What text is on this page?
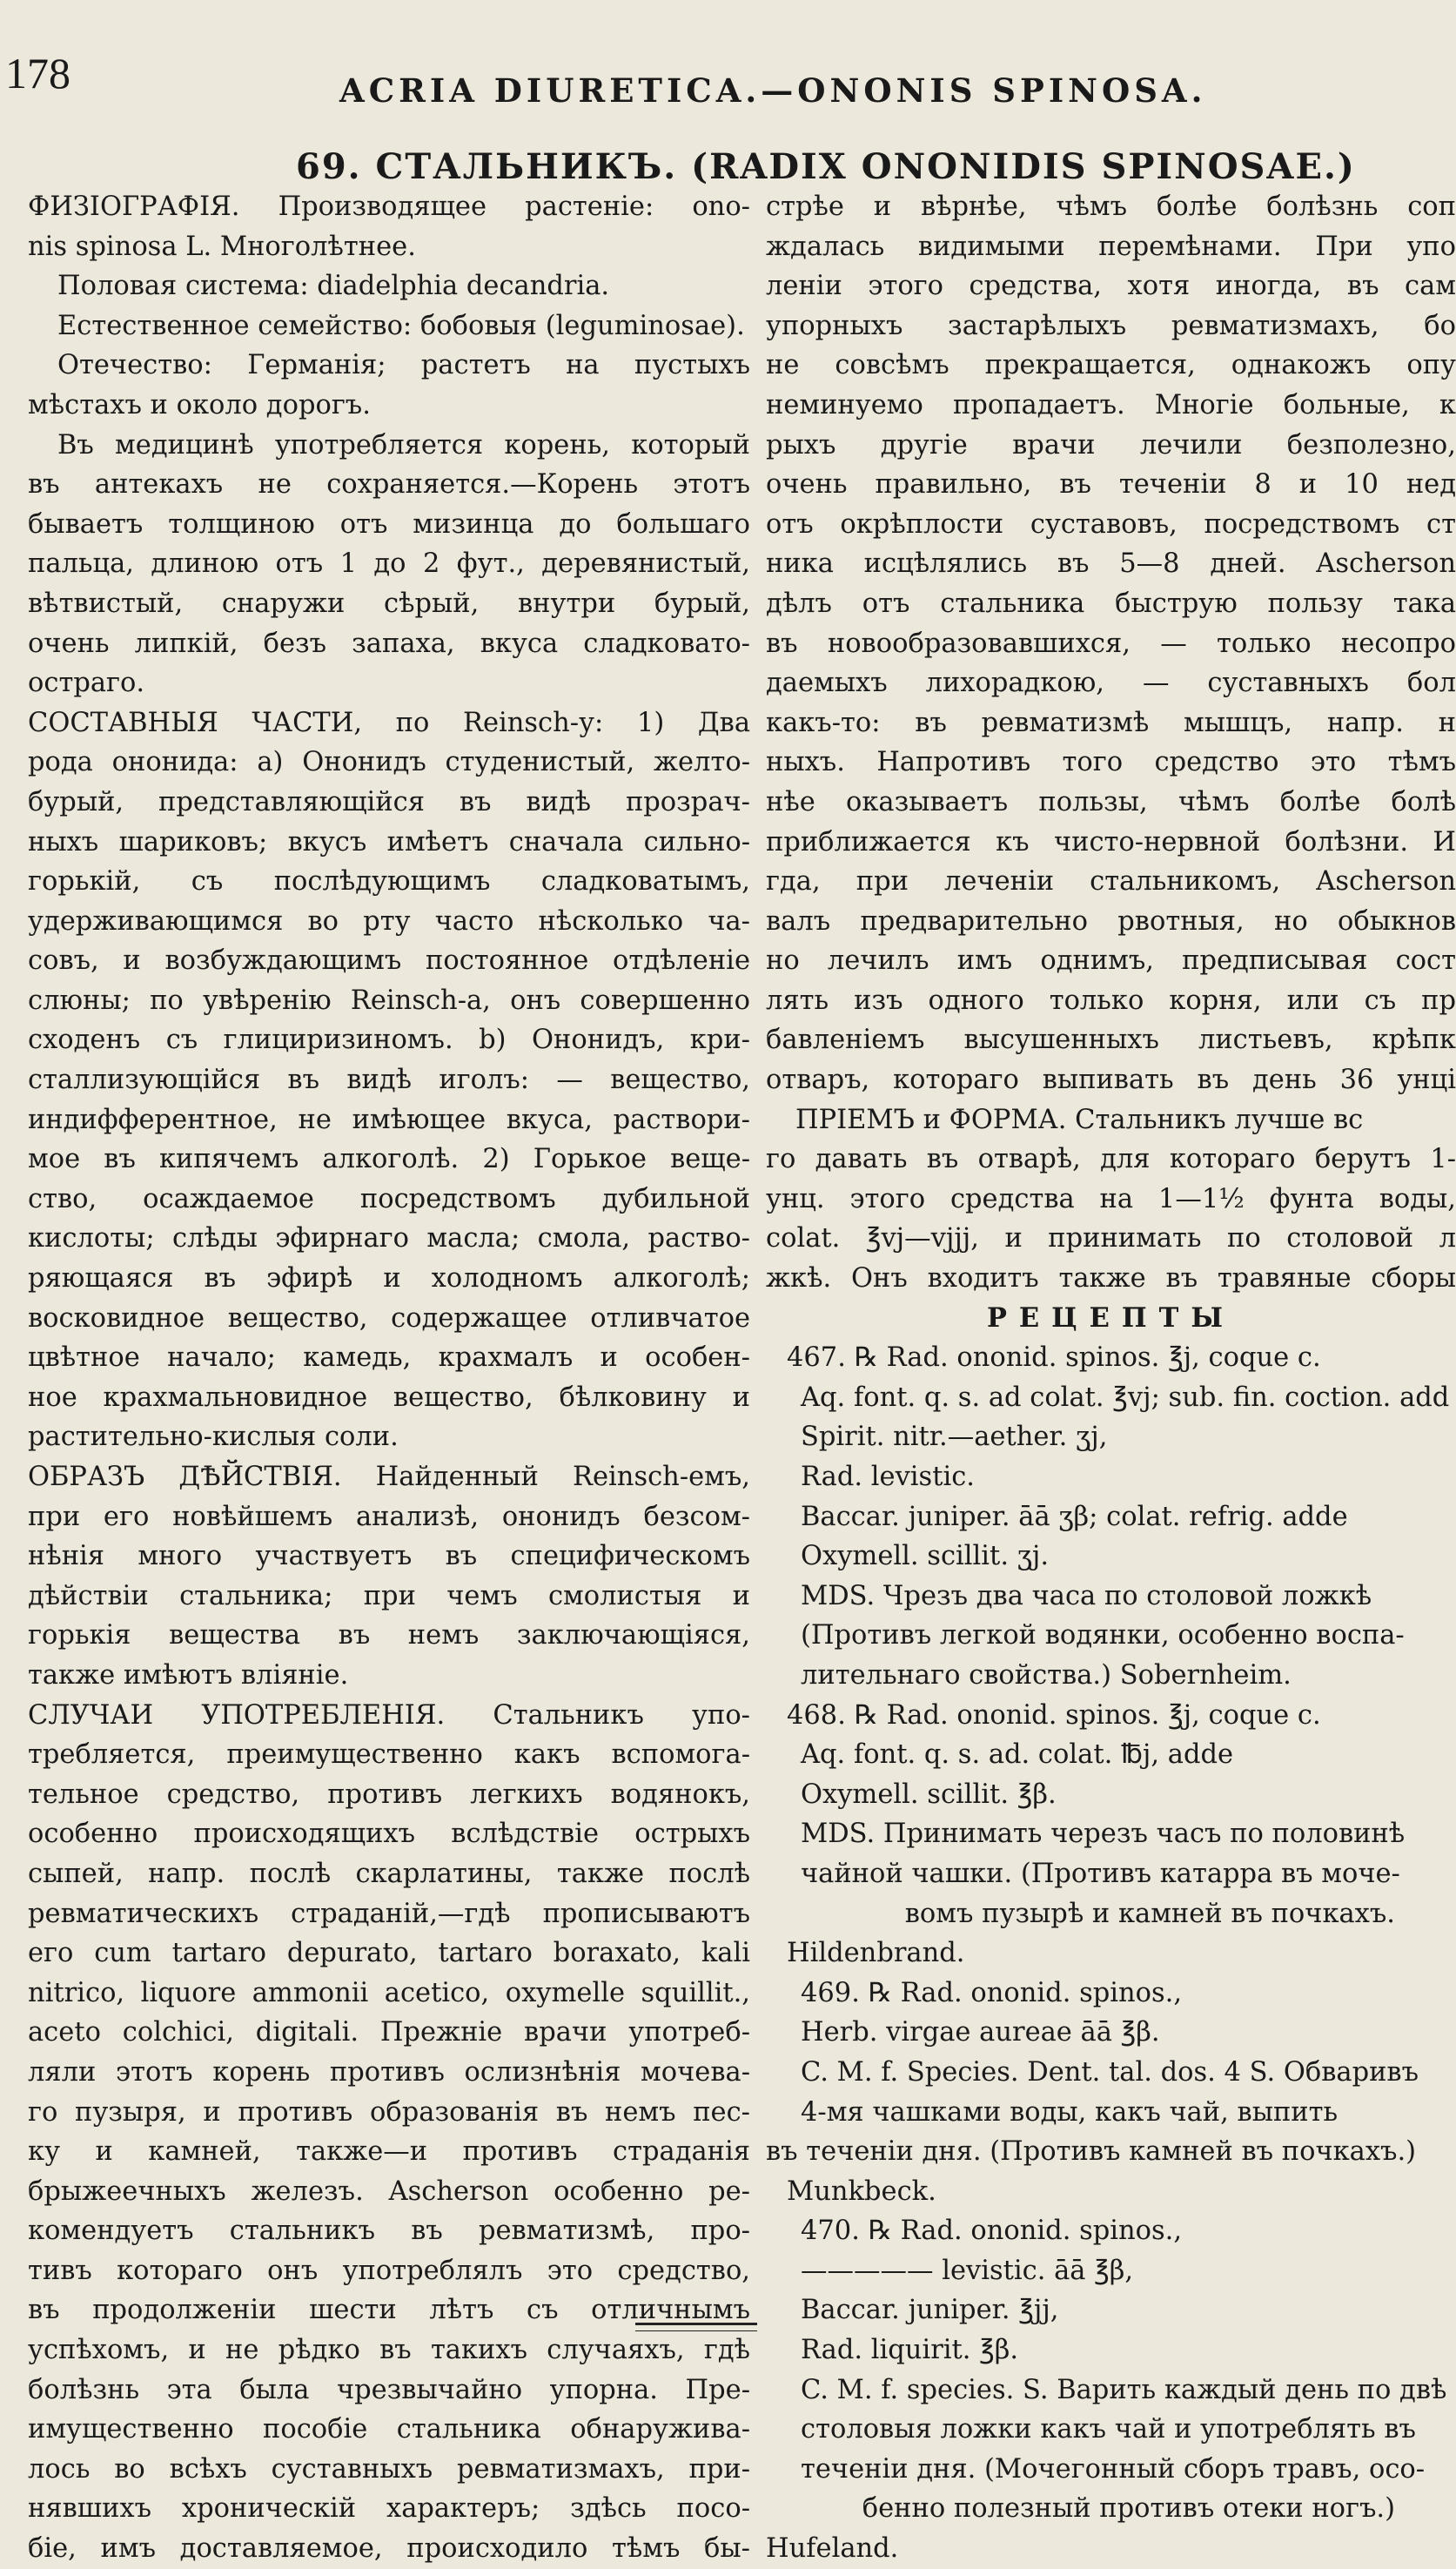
178	ACRIA DIURETICA.—ONONIS SPINOSA.
69. СТАЛЬНИКЪ. (RADIX ONONIDIS SPINOSAE.)
ФИЗІОГРАФІЯ. Производящее растеніе: ono-
nis spinosa L. Многолѣтнее.
Половая система: diadelphia decandria.
Естественное семейство: бобовыя (leguminosae).
Отечество: Германія; растетъ на пустыхъ
мѣстахъ и около дорогъ.
Въ медицинѣ употребляется корень, который
въ антекахъ не сохраняется.—Корень этотъ
бываетъ толщиною отъ мизинца до большаго
пальца, длиною отъ 1 до 2 фут., деревянистый,
вѣтвистый, снаружи сѣрый, внутри бурый,
очень липкій, безъ запаха, вкуса сладковато-
остраго.
СОСТАВНЫЯ ЧАСТИ, по Reinsch-у: 1) Два
рода ононида: а) Ононидъ студенистый, желто-
бурый, представляющійся въ видѣ прозрач-
ныхъ шариковъ; вкусъ имѣетъ сначала сильно-
горькій, съ послѣдующимъ сладковатымъ,
удерживающимся во рту часто нѣсколько ча-
совъ, и возбуждающимъ постоянное отдѣленіе
слюны; по увѣренію Reinsch-а, онъ совершенно
сходенъ съ глициризиномъ. b) Ононидъ, кри-
сталлизующійся въ видѣ иголъ: — вещество,
индифферентное, не имѣющее вкуса, раствори-
мое въ кипячемъ алкоголѣ. 2) Горькое веще-
ство, осаждаемое посредствомъ дубильной
кислоты; слѣды эфирнаго масла; смола, раство-
ряющаяся въ эфирѣ и холодномъ алкоголѣ;
восковидное вещество, содержащее отливчатое
цвѣтное начало; камедь, крахмалъ и особен-
ное крахмальновидное вещество, бѣлковину и
растительно-кислыя соли.
ОБРАЗЪ ДѢЙСТВІЯ. Найденный Reinsch-емъ,
при его новѣйшемъ анализѣ, ононидъ безсом-
нѣнія много участвуетъ въ специфическомъ
дѣйствіи стальника; при чемъ смолистыя и
горькія вещества въ немъ заключающіяся,
также имѣютъ вліяніе.
СЛУЧАИ УПОТРЕБЛЕНІЯ. Стальникъ упо-
требляется, преимущественно какъ вспомога-
тельное средство, противъ легкихъ водянокъ,
особенно происходящихъ вслѣдствіе острыхъ
сыпей, напр. послѣ скарлатины, также послѣ
ревматическихъ страданій,—гдѣ прописываютъ
его cum tartaro depurato, tartaro boraxato, kali
nitrico, liquore ammonii acetico, oxymelle squillit.,
aceto colchici, digitali. Прежніе врачи употреб-
ляли этотъ корень противъ ослизнѣнія мочева-
го пузыря, и противъ образованія въ немъ пес-
ку и камней, также—и противъ страданія
брыжеечныхъ железъ. Ascherson особенно ре-
комендуетъ стальникъ въ ревматизмѣ, про-
тивъ котораго онъ употреблялъ это средство,
въ продолженіи шести лѣтъ съ отличнымъ
успѣхомъ, и не рѣдко въ такихъ случаяхъ, гдѣ
болѣзнь эта была чрезвычайно упорна. Пре-
имущественно пособіе стальника обнаружива-
лось во всѣхъ суставныхъ ревматизмахъ, при-
нявшихъ хроническій характеръ; здѣсь посо-
біе, имъ доставляемое, происходило тѣмъ бы-
стрѣе и вѣрнѣе, чѣмъ болѣе болѣзнь соп
ждалась видимыми перемѣнами. При упо
леніи этого средства, хотя иногда, въ сам
упорныхъ застарѣлыхъ ревматизмахъ, бо
не совсѣмъ прекращается, однакожъ опу
неминуемо пропадаетъ. Многіе больные, к
рыхъ другіе врачи лечили безполезно,
очень правильно, въ теченіи 8 и 10 нед
отъ окрѣплости суставовъ, посредствомъ ст
ника исцѣлялись въ 5—8 дней. Ascherson
дѣлъ отъ стальника быструю пользу така
въ новообразовавшихся, — только несопро
даемыхъ лихорадкою, — суставныхъ бол
какъ-то: въ ревматизмѣ мышцъ, напр. н
ныхъ. Напротивъ того средство это тѣмъ
нѣе оказываетъ пользы, чѣмъ болѣе болѣ
приближается къ чисто-нервной болѣзни. И
гда, при леченіи стальникомъ, Ascherson
валъ предварительно рвотныя, но обыкнов
но лечилъ имъ однимъ, предписывая сост
лять изъ одного только корня, или съ пр
бавленіемъ высушенныхъ листьевъ, крѣпк
отваръ, котораго выпивать въ день 36 унці
ПРІЕМЪ и ФОРМА. Стальникъ лучше вс
го давать въ отварѣ, для котораго берутъ 1-
унц. этого средства на 1—1½ фунта воды,
colat. ℥vj—vjjj, и принимать по столовой л
жкѣ. Онъ входитъ также въ травяные сборы
РЕЦЕПТЫ
467. ℞ Rad. ononid. spinos. ℥j, coque c.
Aq. font. q. s. ad colat. ℥vj; sub. fin. coction. add
Spirit. nitr.—aether. ʒj,
Rad. levistic.
Baccar. juniper. āā ʒβ; colat. refrig. adde
Oxymell. scillit. ʒj.
MDS. Чрезъ два часа по столовой ложкѣ
(Противъ легкой водянки, особенно воспа-
лительнаго свойства.) Sobernheim.
468. ℞ Rad. ononid. spinos. ℥j, coque c.
Aq. font. q. s. ad. colat. ℔j, adde
Oxymell. scillit. ℥β.
MDS. Принимать черезъ часъ по половинѣ
чайной чашки. (Противъ катарра въ моче-
вомъ пузырѣ и камней въ почкахъ.
Hildenbrand.
469. ℞ Rad. ononid. spinos.,
Herb. virgae aureae āā ℥β.
C. M. f. Species. Dent. tal. dos. 4 S. Обваривъ
4-мя чашками воды, какъ чай, выпить
въ теченіи дня. (Противъ камней въ почкахъ.)
Munkbeck.
470. ℞ Rad. ononid. spinos.,
————— levistic. āā ℥β,
Baccar. juniper. ℥jj,
Rad. liquirit. ℥β.
C. M. f. species. S. Варить каждый день по двѣ
столовыя ложки какъ чай и употреблять въ
теченіи дня. (Мочегонный сборъ травъ, осо-
бенно полезный противъ отеки ногъ.)
Hufeland.
